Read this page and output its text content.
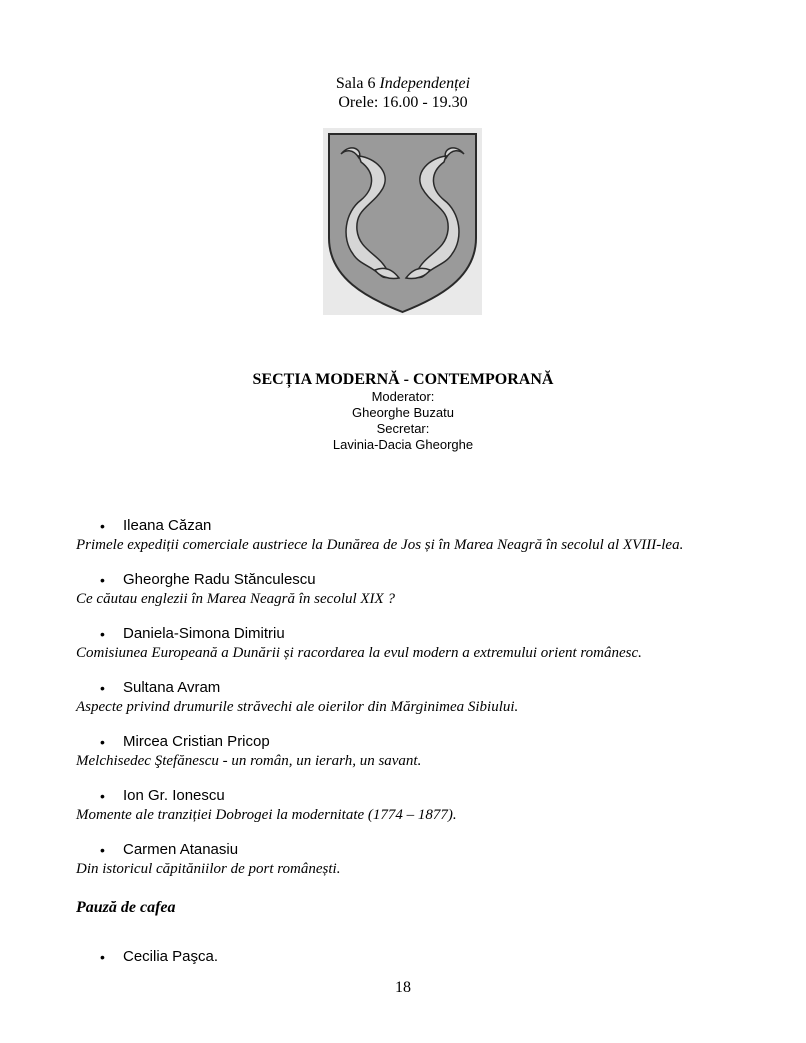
Sala 6 Independenței
Orele: 16.00 - 19.30
SECȚIA MODERNĂ - CONTEMPORANĂ
Moderator:
Gheorghe Buzatu
Secretar:
Lavinia-Dacia Gheorghe
• Ileana Căzan
Primele expediții comerciale austriece la Dunărea de Jos și în Marea Neagră în secolul al XVIII-lea.
• Gheorghe Radu Stănculescu
Ce căutau englezii în Marea Neagră în secolul XIX ?
• Daniela-Simona Dimitriu
Comisiunea Europeană a Dunării și racordarea la evul modern a extremului orient românesc.
• Sultana Avram
Aspecte privind drumurile străvechi ale oierilor din Mărginimea Sibiului.
• Mircea Cristian Pricop
Melchisedec Ştefănescu - un român, un ierarh, un savant.
• Ion Gr. Ionescu
Momente ale tranziției Dobrogei la modernitate (1774 – 1877).
• Carmen Atanasiu
Din istoricul căpităniilor de port românești.
Pauză de cafea
• Cecilia Paşca.
18
